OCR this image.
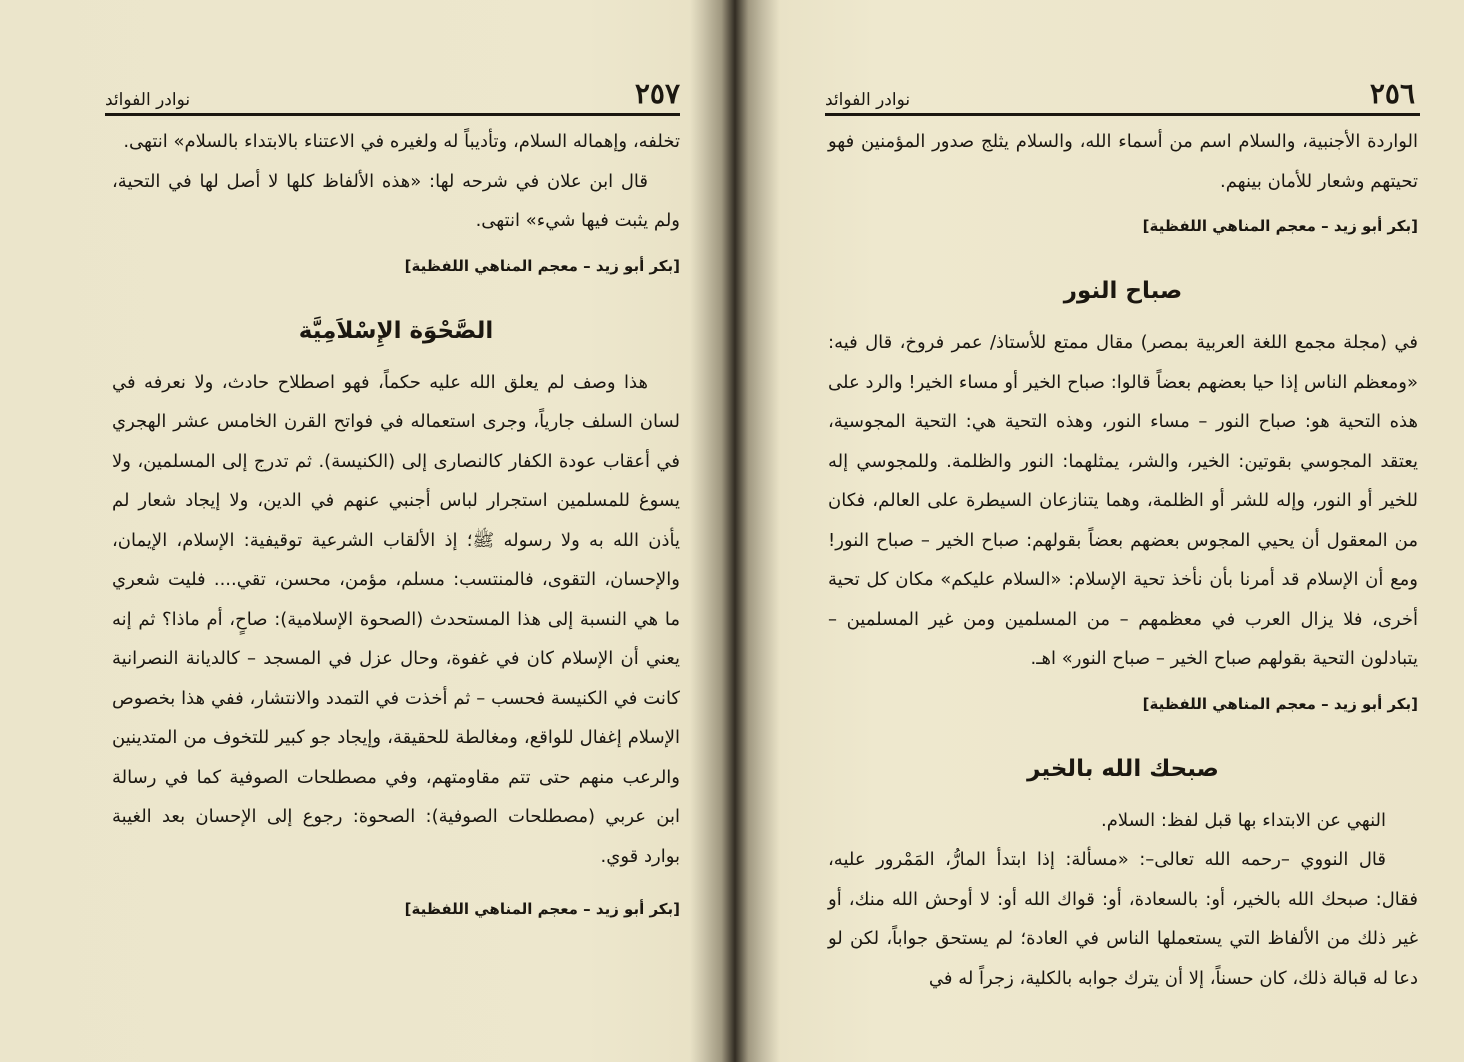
٢٥٧
نوادر الفوائد

تخلفه، وإهماله السلام، وتأديباً له ولغيره في الاعتناء بالابتداء بالسلام» انتهى.

قال ابن علان في شرحه لها: «هذه الألفاظ كلها لا أصل لها في التحية، ولم يثبت فيها شيء» انتهى.

[بكر أبو زيد – معجم المناهي اللفظية]
الصَّحْوَة الإِسْلاَمِيَّة

هذا وصف لم يعلق الله عليه حكماً، فهو اصطلاح حادث، ولا نعرفه في لسان السلف جارياً، وجرى استعماله في فواتح القرن الخامس عشر الهجري في أعقاب عودة الكفار كالنصارى إلى (الكنيسة). ثم تدرج إلى المسلمين، ولا يسوغ للمسلمين استجرار لباس أجنبي عنهم في الدين، ولا إيجاد شعار لم يأذن الله به ولا رسوله ﷺ؛ إذ الألقاب الشرعية توقيفية: الإسلام، الإيمان، والإحسان، التقوى، فالمنتسب: مسلم، مؤمن، محسن، تقي.... فليت شعري ما هي النسبة إلى هذا المستحدث (الصحوة الإسلامية): صاحٍ، أم ماذا؟ ثم إنه يعني أن الإسلام كان في غفوة، وحال عزل في المسجد – كالديانة النصرانية كانت في الكنيسة فحسب – ثم أخذت في التمدد والانتشار، ففي هذا بخصوص الإسلام إغفال للواقع، ومغالطة للحقيقة، وإيجاد جو كبير للتخوف من المتدينين والرعب منهم حتى تتم مقاومتهم، وفي مصطلحات الصوفية كما في رسالة ابن عربي (مصطلحات الصوفية): الصحوة: رجوع إلى الإحسان بعد الغيبة بوارد قوي.

[بكر أبو زيد – معجم المناهي اللفظية]
٢٥٦
نوادر الفوائد

الواردة الأجنبية، والسلام اسم من أسماء الله، والسلام يثلج صدور المؤمنين فهو تحيتهم وشعار للأمان بينهم.

[بكر أبو زيد – معجم المناهي اللفظية]
صباح النور

في (مجلة مجمع اللغة العربية بمصر) مقال ممتع للأستاذ/ عمر فروخ، قال فيه: «ومعظم الناس إذا حيا بعضهم بعضاً قالوا: صباح الخير أو مساء الخير! والرد على هذه التحية هو: صباح النور – مساء النور، وهذه التحية هي: التحية المجوسية، يعتقد المجوسي بقوتين: الخير، والشر، يمثلهما: النور والظلمة. وللمجوسي إله للخير أو النور، وإله للشر أو الظلمة، وهما يتنازعان السيطرة على العالم، فكان من المعقول أن يحيي المجوس بعضهم بعضاً بقولهم: صباح الخير – صباح النور! ومع أن الإسلام قد أمرنا بأن نأخذ تحية الإسلام: «السلام عليكم» مكان كل تحية أخرى، فلا يزال العرب في معظمهم – من المسلمين ومن غير المسلمين – يتبادلون التحية بقولهم صباح الخير – صباح النور» اهـ.

[بكر أبو زيد – معجم المناهي اللفظية]
صبحك الله بالخير

النهي عن الابتداء بها قبل لفظ: السلام.

قال النووي –رحمه الله تعالى–: «مسألة: إذا ابتدأ المارُّ، المَمْرور عليه، فقال: صبحك الله بالخير، أو: بالسعادة، أو: قواك الله أو: لا أوحش الله منك، أو غير ذلك من الألفاظ التي يستعملها الناس في العادة؛ لم يستحق جواباً، لكن لو دعا له قبالة ذلك، كان حسناً، إلا أن يترك جوابه بالكلية، زجراً له في
